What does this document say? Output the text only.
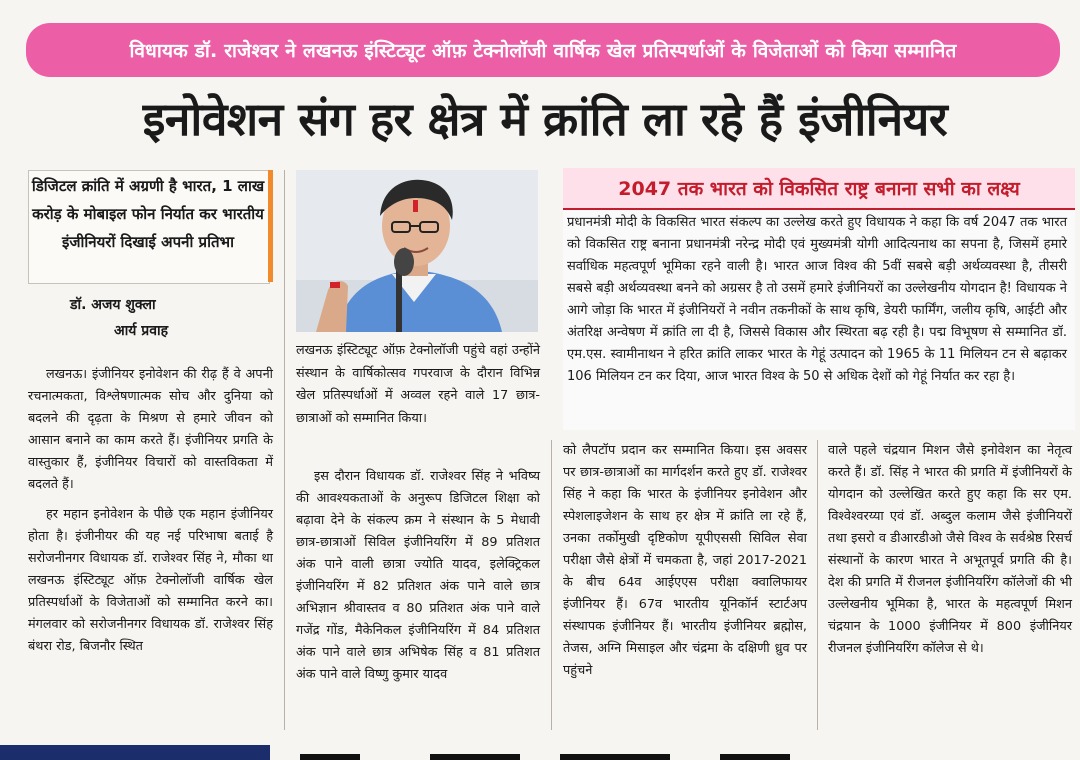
विधायक डॉ. राजेश्वर ने लखनऊ इंस्टिट्यूट ऑफ़ टेक्नोलॉजी वार्षिक खेल प्रतिस्पर्धाओं के विजेताओं को किया सम्मानित
इनोवेशन संग हर क्षेत्र में क्रांति ला रहे हैं इंजीनियर
डिजिटल क्रांति में अग्रणी है भारत, 1 लाख करोड़ के मोबाइल फोन निर्यात कर भारतीय इंजीनियरों दिखाई अपनी प्रतिभा
डॉ. अजय शुक्ला
आर्य प्रवाह
लखनऊ इंस्टिट्यूट ऑफ़ टेक्नोलॉजी पहुंचे वहां उन्होंने संस्थान के वार्षिकोत्सव गपरवाज के दौरान विभिन्न खेल प्रतिस्पर्धाओं में अव्वल रहने वाले 17 छात्र-छात्राओं को सम्मानित किया।
2047 तक भारत को विकसित राष्ट्र बनाना सभी का लक्ष्य
प्रधानमंत्री मोदी के विकसित भारत संकल्प का उल्लेख करते हुए विधायक ने कहा कि वर्ष 2047 तक भारत को विकसित राष्ट्र बनाना प्रधानमंत्री नरेन्द्र मोदी एवं मुख्यमंत्री योगी आदित्यनाथ का सपना है, जिसमें हमारे सर्वाधिक महत्वपूर्ण भूमिका रहने वाली है। भारत आज विश्व की 5वीं सबसे बड़ी अर्थव्यवस्था है, तीसरी सबसे बड़ी अर्थव्यवस्था बनने को अग्रसर है तो उसमें हमारे इंजीनियरों का उल्लेखनीय योगदान है! विधायक ने आगे जोड़ा कि भारत में इंजीनियरों ने नवीन तकनीकों के साथ कृषि, डेयरी फार्मिंग, जलीय कृषि, आईटी और अंतरिक्ष अन्वेषण में क्रांति ला दी है, जिससे विकास और स्थिरता बढ़ रही है। पद्म विभूषण से सम्मानित डॉ. एम.एस. स्वामीनाथन ने हरित क्रांति लाकर भारत के गेहूं उत्पादन को 1965 के 11 मिलियन टन से बढ़ाकर 106 मिलियन टन कर दिया, आज भारत विश्व के 50 से अधिक देशों को गेहूं निर्यात कर रहा है।

लखनऊ। इंजीनियर इनोवेशन की रीढ़ हैं वे अपनी रचनात्मकता, विश्लेषणात्मक सोच और दुनिया को बदलने की दृढ़ता के मिश्रण से हमारे जीवन को आसान बनाने का काम करते हैं। इंजीनियर प्रगति के वास्तुकार हैं, इंजीनियर विचारों को वास्तविकता में बदलते हैं।

हर महान इनोवेशन के पीछे एक महान इंजीनियर होता है। इंजीनीयर की यह नई परिभाषा बताई है सरोजनीनगर विधायक डॉ. राजेश्वर सिंह ने, मौका था लखनऊ इंस्टिट्यूट ऑफ़ टेक्नोलॉजी वार्षिक खेल प्रतिस्पर्धाओं के विजेताओं को सम्मानित करने का। मंगलवार को सरोजनीनगर विधायक डॉ. राजेश्वर सिंह बंथरा रोड, बिजनौर स्थित

इस दौरान विधायक डॉ. राजेश्वर सिंह ने भविष्य की आवश्यकताओं के अनुरूप डिजिटल शिक्षा को बढ़ावा देने के संकल्प क्रम ने संस्थान के 5 मेधावी छात्र-छात्राओं सिविल इंजीनियरिंग में 89 प्रतिशत अंक पाने वाली छात्रा ज्योति यादव, इलेक्ट्रिकल इंजीनियरिंग में 82 प्रतिशत अंक पाने वाले छात्र अभिज्ञान श्रीवास्तव व 80 प्रतिशत अंक पाने वाले गजेंद्र गोंड, मैकेनिकल इंजीनियरिंग में 84 प्रतिशत अंक पाने वाले छात्र अभिषेक सिंह व 81 प्रतिशत अंक पाने वाले विष्णु कुमार यादव

को लैपटॉप प्रदान कर सम्मानित किया। इस अवसर पर छात्र-छात्राओं का मार्गदर्शन करते हुए डॉ. राजेश्वर सिंह ने कहा कि भारत के इंजीनियर इनोवेशन और स्पेशलाइजेशन के साथ हर क्षेत्र में क्रांति ला रहे हैं, उनका तर्कोमुखी दृष्टिकोण यूपीएससी सिविल सेवा परीक्षा जैसे क्षेत्रों में चमकता है, जहां 2017-2021 के बीच 64व आईएएस परीक्षा क्वालिफायर इंजीनियर हैं। 67व भारतीय यूनिकॉर्न स्टार्टअप संस्थापक इंजीनियर हैं। भारतीय इंजीनियर ब्रह्मोस, तेजस, अग्नि मिसाइल और चंद्रमा के दक्षिणी ध्रुव पर पहुंचने

वाले पहले चंद्रयान मिशन जैसे इनोवेशन का नेतृत्व करते हैं। डॉ. सिंह ने भारत की प्रगति में इंजीनियरों के योगदान को उल्लेखित करते हुए कहा कि सर एम. विश्वेश्वरय्या एवं डॉ. अब्दुल कलाम जैसे इंजीनियरों तथा इसरो व डीआरडीओ जैसे विश्व के सर्वश्रेष्ठ रिसर्च संस्थानों के कारण भारत ने अभूतपूर्व प्रगति की है। देश की प्रगति में रीजनल इंजीनियरिंग कॉलेजों की भी उल्लेखनीय भूमिका है, भारत के महत्वपूर्ण मिशन चंद्रयान के 1000 इंजीनियर में 800 इंजीनियर रीजनल इंजीनियरिंग कॉलेज से थे।
